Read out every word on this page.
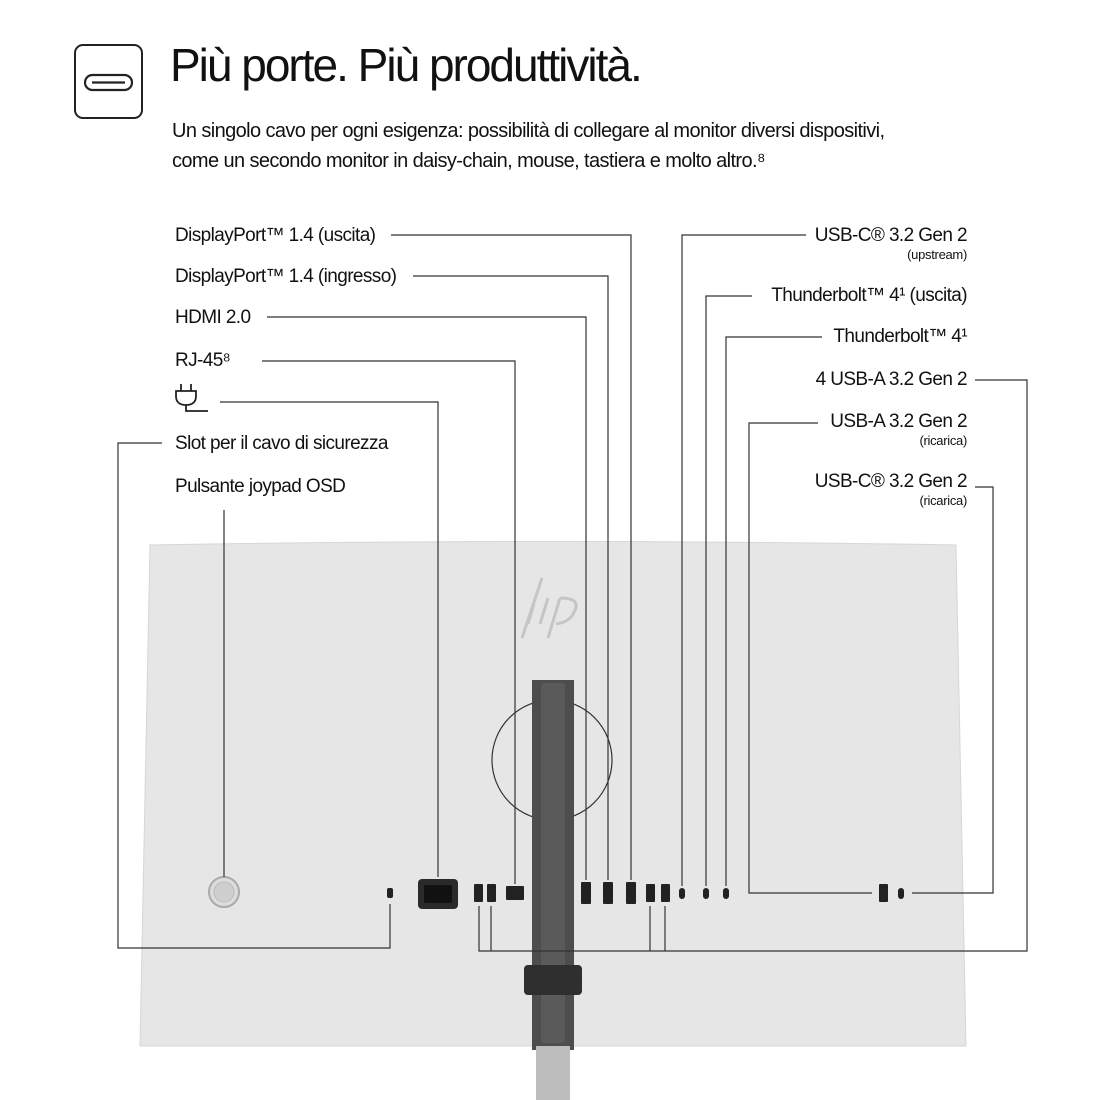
Più porte. Più produttività.
Un singolo cavo per ogni esigenza: possibilità di collegare al monitor diversi dispositivi,
come un secondo monitor in daisy-chain, mouse, tastiera e molto altro.⁸
DisplayPort™ 1.4 (uscita)
DisplayPort™ 1.4 (ingresso)
HDMI 2.0
RJ-45⁸
Slot per il cavo di sicurezza
Pulsante joypad OSD
USB-C® 3.2 Gen 2
(upstream)
Thunderbolt™ 4¹ (uscita)
Thunderbolt™ 4¹
4 USB-A 3.2 Gen 2
USB-A 3.2 Gen 2
(ricarica)
USB-C® 3.2 Gen 2
(ricarica)
